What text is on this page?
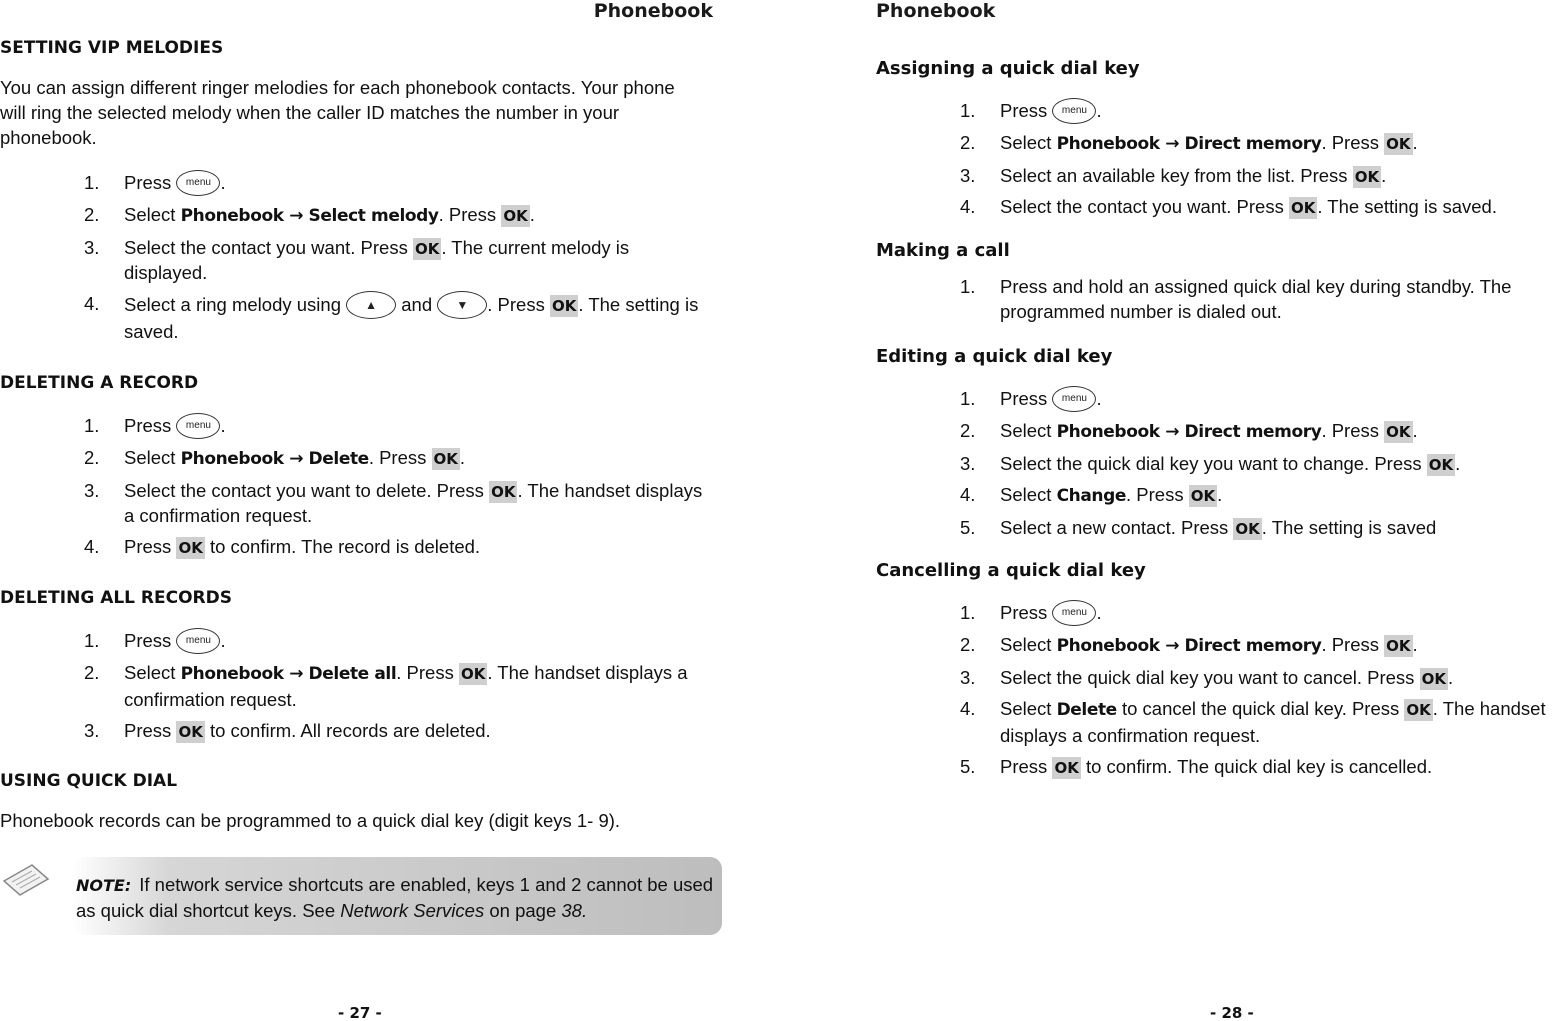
Phonebook
SETTING VIP MELODIES
You can assign different ringer melodies for each phonebook contacts. Your phone will ring the selected melody when the caller ID matches the number in your phonebook.
1. Press menu .
2. Select Phonebook → Select melody. Press OK .
3. Select the contact you want. Press OK . The current melody is displayed.
4. Select a ring melody using ▲ and ▼ . Press OK . The setting is saved.
DELETING A RECORD
1. Press menu .
2. Select Phonebook → Delete. Press OK .
3. Select the contact you want to delete. Press OK . The handset displays a confirmation request.
4. Press OK to confirm. The record is deleted.
DELETING ALL RECORDS
1. Press menu .
2. Select Phonebook → Delete all. Press OK . The handset displays a confirmation request.
3. Press OK to confirm. All records are deleted.
USING QUICK DIAL
Phonebook records can be programmed to a quick dial key (digit keys 1- 9).
NOTE: If network service shortcuts are enabled, keys 1 and 2 cannot be used as quick dial shortcut keys. See Network Services on page 38.
- 27 -
Phonebook
Assigning a quick dial key
1. Press menu .
2. Select Phonebook → Direct memory. Press OK .
3. Select an available key from the list. Press OK .
4. Select the contact you want. Press OK . The setting is saved.
Making a call
1. Press and hold an assigned quick dial key during standby. The programmed number is dialed out.
Editing a quick dial key
1. Press menu .
2. Select Phonebook → Direct memory. Press OK .
3. Select the quick dial key you want to change. Press OK .
4. Select Change. Press OK .
5. Select a new contact. Press OK . The setting is saved
Cancelling a quick dial key
1. Press menu .
2. Select Phonebook → Direct memory. Press OK .
3. Select the quick dial key you want to cancel. Press OK .
4. Select Delete to cancel the quick dial key. Press OK . The handset displays a confirmation request.
5. Press OK to confirm. The quick dial key is cancelled.
- 28 -
